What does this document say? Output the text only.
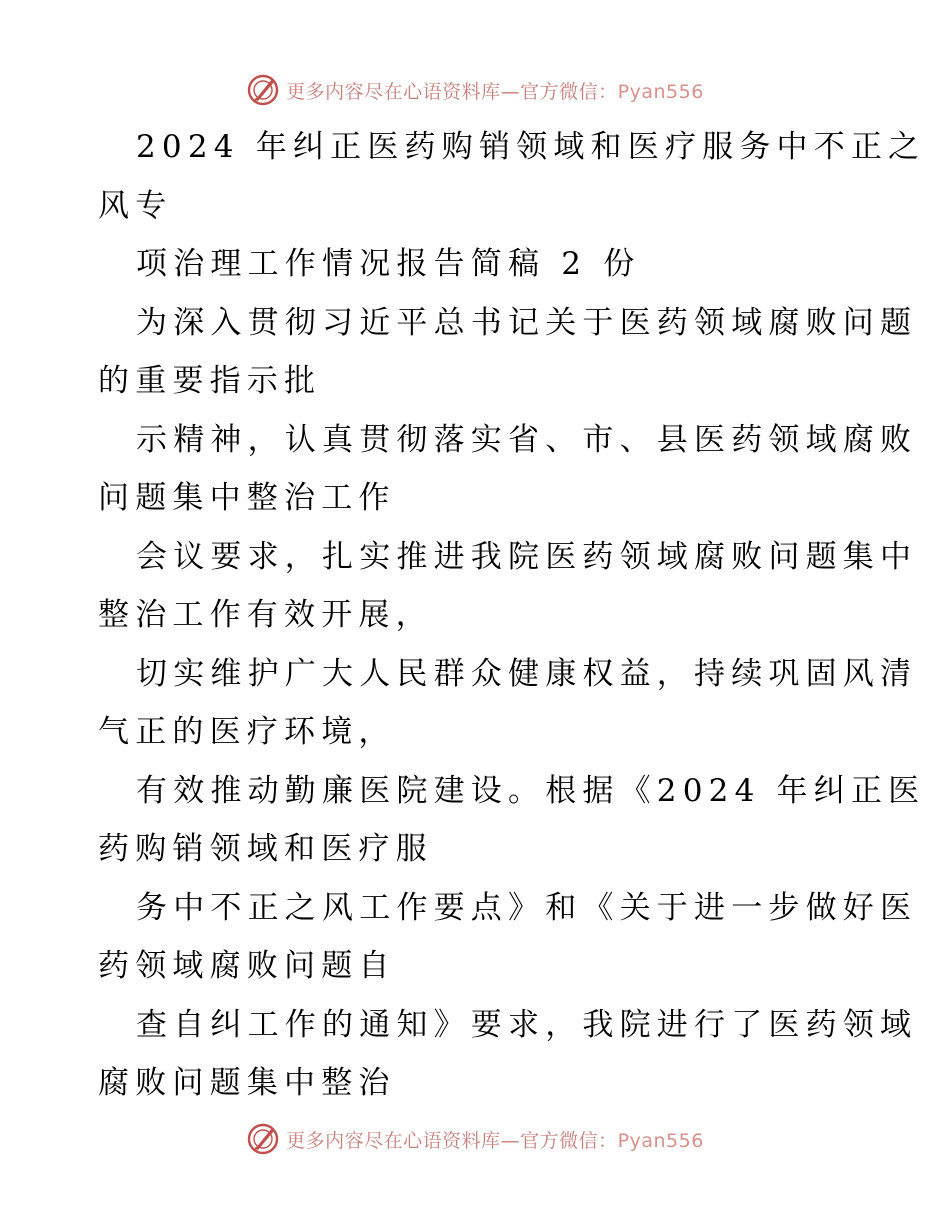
更多内容尽在心语资料库—官方微信：Pyan556
2024 年纠正医药购销领域和医疗服务中不正之
风专
项治理工作情况报告简稿 2 份
为深入贯彻习近平总书记关于医药领域腐败问题
的重要指示批
示精神，认真贯彻落实省、市、县医药领域腐败
问题集中整治工作
会议要求，扎实推进我院医药领域腐败问题集中
整治工作有效开展，
切实维护广大人民群众健康权益，持续巩固风清
气正的医疗环境，
有效推动勤廉医院建设。根据《2024 年纠正医
药购销领域和医疗服
务中不正之风工作要点》和《关于进一步做好医
药领域腐败问题自
查自纠工作的通知》要求，我院进行了医药领域
腐败问题集中整治
更多内容尽在心语资料库—官方微信：Pyan556
